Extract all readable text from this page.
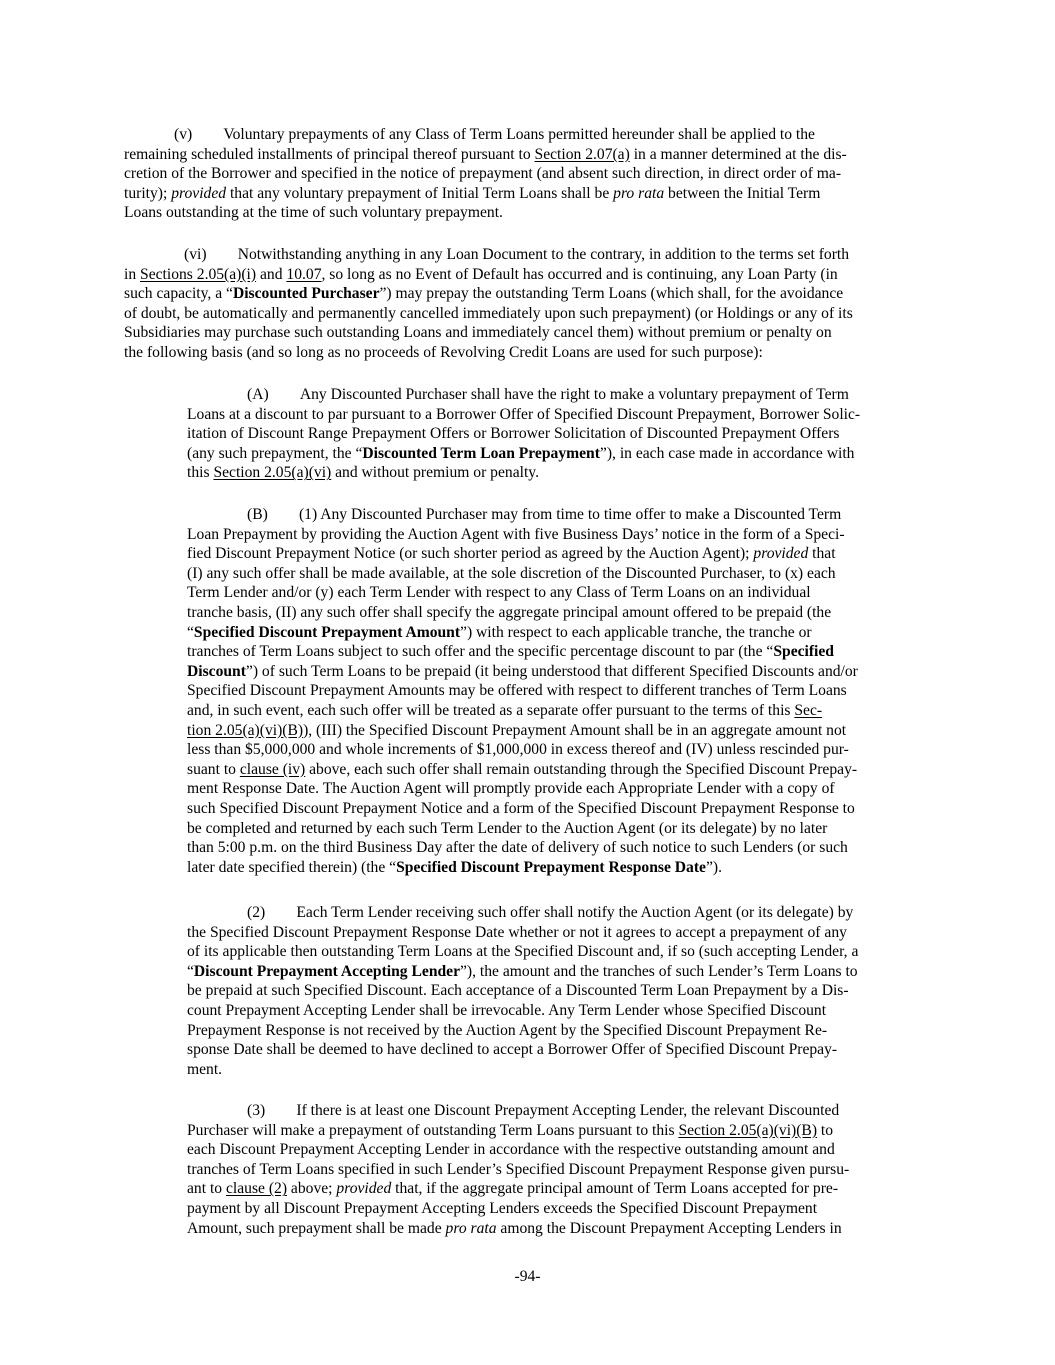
(v)  Voluntary prepayments of any Class of Term Loans permitted hereunder shall be applied to the
remaining scheduled installments of principal thereof pursuant to Section 2.07(a) in a manner determined at the dis-
cretion of the Borrower and specified in the notice of prepayment (and absent such direction, in direct order of ma-
turity); provided that any voluntary prepayment of Initial Term Loans shall be pro rata between the Initial Term
Loans outstanding at the time of such voluntary prepayment.
(vi)  Notwithstanding anything in any Loan Document to the contrary, in addition to the terms set forth
in Sections 2.05(a)(i) and 10.07, so long as no Event of Default has occurred and is continuing, any Loan Party (in
such capacity, a “Discounted Purchaser”) may prepay the outstanding Term Loans (which shall, for the avoidance
of doubt, be automatically and permanently cancelled immediately upon such prepayment) (or Holdings or any of its
Subsidiaries may purchase such outstanding Loans and immediately cancel them) without premium or penalty on
the following basis (and so long as no proceeds of Revolving Credit Loans are used for such purpose):
(A)  Any Discounted Purchaser shall have the right to make a voluntary prepayment of Term
Loans at a discount to par pursuant to a Borrower Offer of Specified Discount Prepayment, Borrower Solic-
itation of Discount Range Prepayment Offers or Borrower Solicitation of Discounted Prepayment Offers
(any such prepayment, the “Discounted Term Loan Prepayment”), in each case made in accordance with
this Section 2.05(a)(vi) and without premium or penalty.
(B)  (1) Any Discounted Purchaser may from time to time offer to make a Discounted Term
Loan Prepayment by providing the Auction Agent with five Business Days’ notice in the form of a Speci-
fied Discount Prepayment Notice (or such shorter period as agreed by the Auction Agent); provided that
(I) any such offer shall be made available, at the sole discretion of the Discounted Purchaser, to (x) each
Term Lender and/or (y) each Term Lender with respect to any Class of Term Loans on an individual
tranche basis, (II) any such offer shall specify the aggregate principal amount offered to be prepaid (the
“Specified Discount Prepayment Amount”) with respect to each applicable tranche, the tranche or
tranches of Term Loans subject to such offer and the specific percentage discount to par (the “Specified
Discount”) of such Term Loans to be prepaid (it being understood that different Specified Discounts and/or
Specified Discount Prepayment Amounts may be offered with respect to different tranches of Term Loans
and, in such event, each such offer will be treated as a separate offer pursuant to the terms of this Sec-
tion 2.05(a)(vi)(B)), (III) the Specified Discount Prepayment Amount shall be in an aggregate amount not
less than $5,000,000 and whole increments of $1,000,000 in excess thereof and (IV) unless rescinded pur-
suant to clause (iv) above, each such offer shall remain outstanding through the Specified Discount Prepay-
ment Response Date. The Auction Agent will promptly provide each Appropriate Lender with a copy of
such Specified Discount Prepayment Notice and a form of the Specified Discount Prepayment Response to
be completed and returned by each such Term Lender to the Auction Agent (or its delegate) by no later
than 5:00 p.m. on the third Business Day after the date of delivery of such notice to such Lenders (or such
later date specified therein) (the “Specified Discount Prepayment Response Date”).
(2)  Each Term Lender receiving such offer shall notify the Auction Agent (or its delegate) by
the Specified Discount Prepayment Response Date whether or not it agrees to accept a prepayment of any
of its applicable then outstanding Term Loans at the Specified Discount and, if so (such accepting Lender, a
“Discount Prepayment Accepting Lender”), the amount and the tranches of such Lender’s Term Loans to
be prepaid at such Specified Discount. Each acceptance of a Discounted Term Loan Prepayment by a Dis-
count Prepayment Accepting Lender shall be irrevocable. Any Term Lender whose Specified Discount
Prepayment Response is not received by the Auction Agent by the Specified Discount Prepayment Re-
sponse Date shall be deemed to have declined to accept a Borrower Offer of Specified Discount Prepay-
ment.
(3)  If there is at least one Discount Prepayment Accepting Lender, the relevant Discounted
Purchaser will make a prepayment of outstanding Term Loans pursuant to this Section 2.05(a)(vi)(B) to
each Discount Prepayment Accepting Lender in accordance with the respective outstanding amount and
tranches of Term Loans specified in such Lender’s Specified Discount Prepayment Response given pursu-
ant to clause (2) above; provided that, if the aggregate principal amount of Term Loans accepted for pre-
payment by all Discount Prepayment Accepting Lenders exceeds the Specified Discount Prepayment
Amount, such prepayment shall be made pro rata among the Discount Prepayment Accepting Lenders in
-94-
